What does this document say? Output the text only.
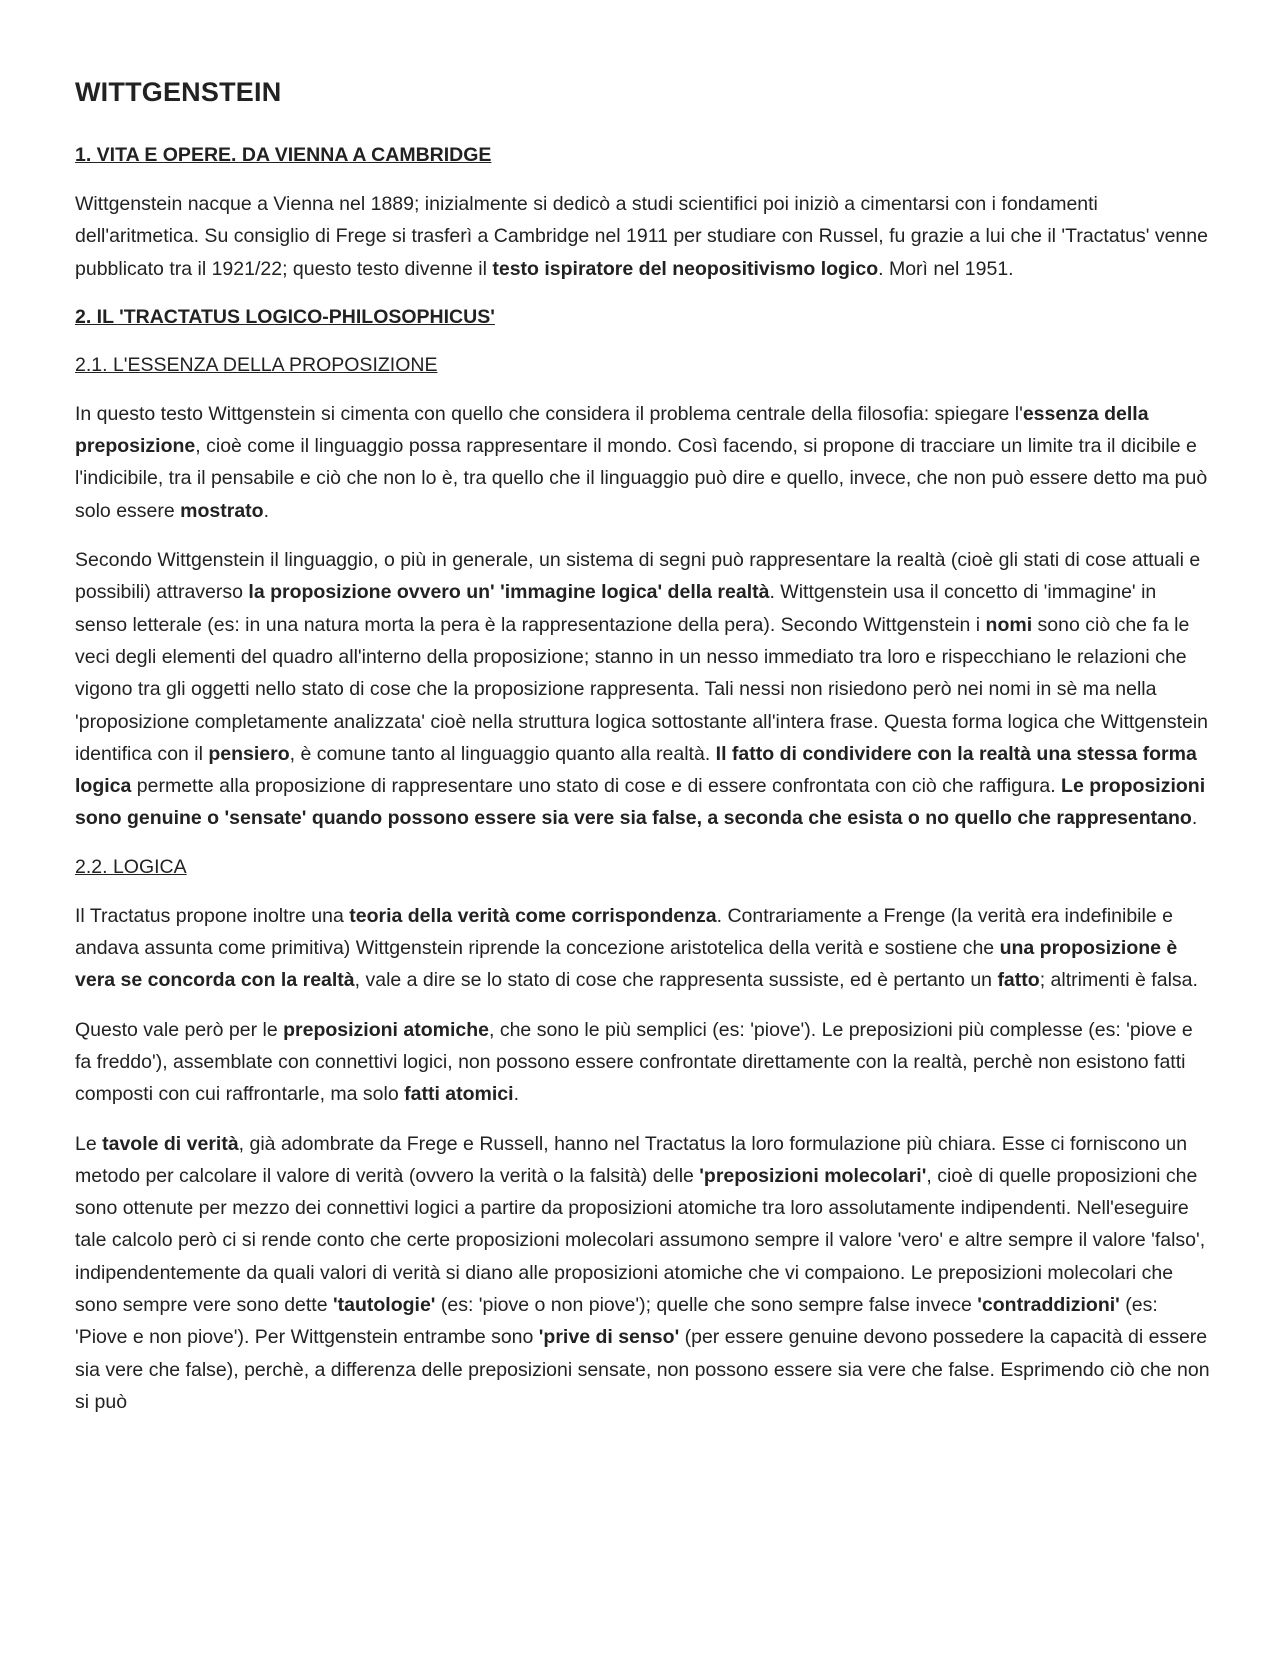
WITTGENSTEIN
1. VITA E OPERE. DA VIENNA A CAMBRIDGE

Wittgenstein nacque a Vienna nel 1889; inizialmente si dedicò a studi scientifici poi iniziò a cimentarsi con i fondamenti dell'aritmetica. Su consiglio di Frege si trasferì a Cambridge nel 1911 per studiare con Russel, fu grazie a lui che il 'Tractatus' venne pubblicato tra il 1921/22; questo testo divenne il testo ispiratore del neopositivismo logico. Morì nel 1951.

2. IL 'TRACTATUS LOGICO-PHILOSOPHICUS'
2.1. L'ESSENZA DELLA PROPOSIZIONE

In questo testo Wittgenstein si cimenta con quello che considera il problema centrale della filosofia: spiegare l'essenza della preposizione, cioè come il linguaggio possa rappresentare il mondo. Così facendo, si propone di tracciare un limite tra il dicibile e l'indicibile, tra il pensabile e ciò che non lo è, tra quello che il linguaggio può dire e quello, invece, che non può essere detto ma può solo essere mostrato.

Secondo Wittgenstein il linguaggio, o più in generale, un sistema di segni può rappresentare la realtà (cioè gli stati di cose attuali e possibili) attraverso la proposizione ovvero un' 'immagine logica' della realtà. Wittgenstein usa il concetto di 'immagine' in senso letterale (es: in una natura morta la pera è la rappresentazione della pera). Secondo Wittgenstein i nomi sono ciò che fa le veci degli elementi del quadro all'interno della proposizione; stanno in un nesso immediato tra loro e rispecchiano le relazioni che vigono tra gli oggetti nello stato di cose che la proposizione rappresenta. Tali nessi non risiedono però nei nomi in sè ma nella 'proposizione completamente analizzata' cioè nella struttura logica sottostante all'intera frase. Questa forma logica che Wittgenstein identifica con il pensiero, è comune tanto al linguaggio quanto alla realtà. Il fatto di condividere con la realtà una stessa forma logica permette alla proposizione di rappresentare uno stato di cose e di essere confrontata con ciò che raffigura. Le proposizioni sono genuine o 'sensate' quando possono essere sia vere sia false, a seconda che esista o no quello che rappresentano.

2.2. LOGICA

Il Tractatus propone inoltre una teoria della verità come corrispondenza. Contrariamente a Frenge (la verità era indefinibile e andava assunta come primitiva) Wittgenstein riprende la concezione aristotelica della verità e sostiene che una proposizione è vera se concorda con la realtà, vale a dire se lo stato di cose che rappresenta sussiste, ed è pertanto un fatto; altrimenti è falsa.

Questo vale però per le preposizioni atomiche, che sono le più semplici (es: 'piove'). Le preposizioni più complesse (es: 'piove e fa freddo'), assemblate con connettivi logici, non possono essere confrontate direttamente con la realtà, perchè non esistono fatti composti con cui raffrontarle, ma solo fatti atomici.

Le tavole di verità, già adombrate da Frege e Russell, hanno nel Tractatus la loro formulazione più chiara. Esse ci forniscono un metodo per calcolare il valore di verità (ovvero la verità o la falsità) delle 'preposizioni molecolari', cioè di quelle proposizioni che sono ottenute per mezzo dei connettivi logici a partire da proposizioni atomiche tra loro assolutamente indipendenti. Nell'eseguire tale calcolo però ci si rende conto che certe proposizioni molecolari assumono sempre il valore 'vero' e altre sempre il valore 'falso', indipendentemente da quali valori di verità si diano alle proposizioni atomiche che vi compaiono. Le preposizioni molecolari che sono sempre vere sono dette 'tautologie' (es: 'piove o non piove'); quelle che sono sempre false invece 'contraddizioni' (es: 'Piove e non piove'). Per Wittgenstein entrambe sono 'prive di senso' (per essere genuine devono possedere la capacità di essere sia vere che false), perchè, a differenza delle preposizioni sensate, non possono essere sia vere che false. Esprimendo ciò che non si può
